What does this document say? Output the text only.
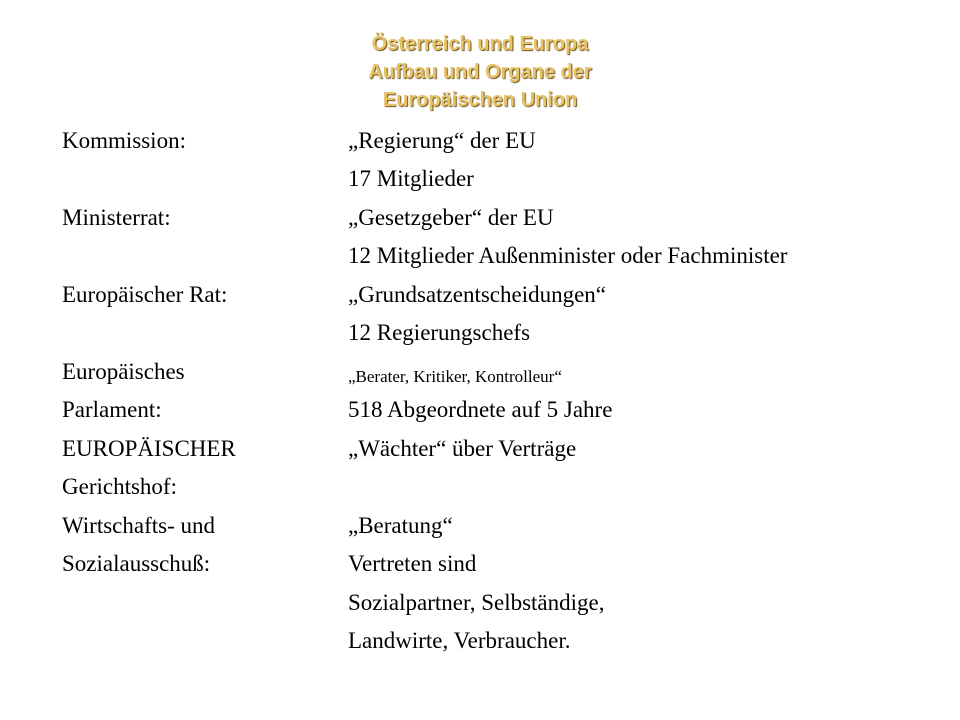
Österreich und Europa
Aufbau und Organe der
Europäischen Union
Kommission:	„Regierung“ der EU
17 Mitglieder
Ministerrat:	„Gesetzgeber“ der EU
12 Mitglieder Außenminister oder Fachminister
Europäischer Rat:	„Grundsatzentscheidungen“
12 Regierungschefs
Europäisches	„Berater, Kritiker, Kontrolleur“
Parlament:	518 Abgeordnete auf 5 Jahre
EUROPÄISCHER	„Wächter“ über Verträge
Gerichtshof:
Wirtschafts- und	„Beratung“
Sozialausschuß:	Vertreten sind
Sozialpartner, Selbständige,
Landwirte, Verbraucher.
